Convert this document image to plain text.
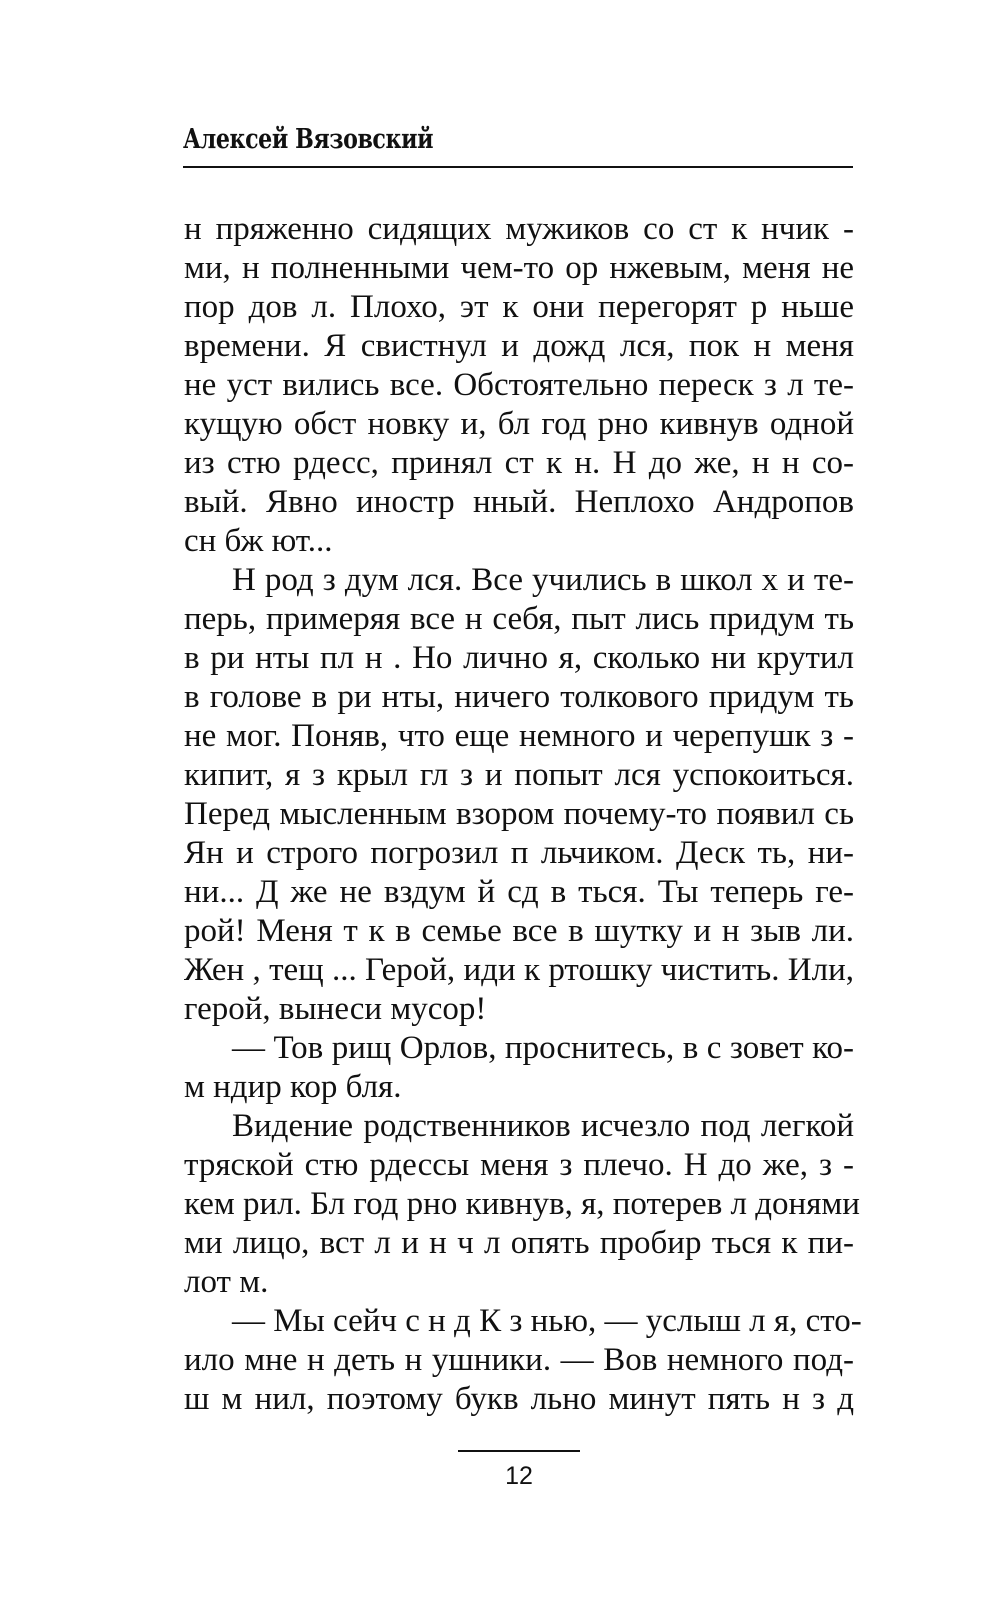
Алексей Вязовский
н пряженно сидящих мужиков со ст к нчик -
ми, н полненными чем-то ор нжевым, меня не
пор дов л. Плохо, эт к они перегорят р ньше
времени. Я свистнул и дожд лся, пок н меня
не уст вились все. Обстоятельно переск з л те-
кущую обст новку и, бл год рно кивнув одной
из стю рдесс, принял ст к н. Н до же, н н со-
вый. Явно иностр нный. Неплохо Андропов
сн бж ют...
Н род з дум лся. Все учились в школ х и те-
перь, примеряя все н себя, пыт лись придум ть
в ри нты пл н . Но лично я, сколько ни крутил
в голове в ри нты, ничего толкового придум ть
не мог. Поняв, что еще немного и черепушк з -
кипит, я з крыл гл з и попыт лся успокоиться.
Перед мысленным взором почему-то появил сь
Ян и строго погрозил п льчиком. Деск ть, ни-
ни... Д же не вздум й сд в ться. Ты теперь ге-
рой! Меня т к в семье все в шутку и н зыв ли.
Жен , тещ ... Герой, иди к ртошку чистить. Или,
герой, вынеси мусор!
— Тов рищ Орлов, проснитесь, в с зовет ко-
м ндир кор бля.
Видение родственников исчезло под легкой
тряской стю рдессы меня з плечо. Н до же, з -
кем рил. Бл год рно кивнув, я, потерев л донями
ми лицо, вст л и н ч л опять пробир ться к пи-
лот м.
— Мы сейч с н д К з нью, — услыш л я, сто-
ило мне н деть н ушники. — Вов немного под-
ш м нил, поэтому букв льно минут пять н з д
12
